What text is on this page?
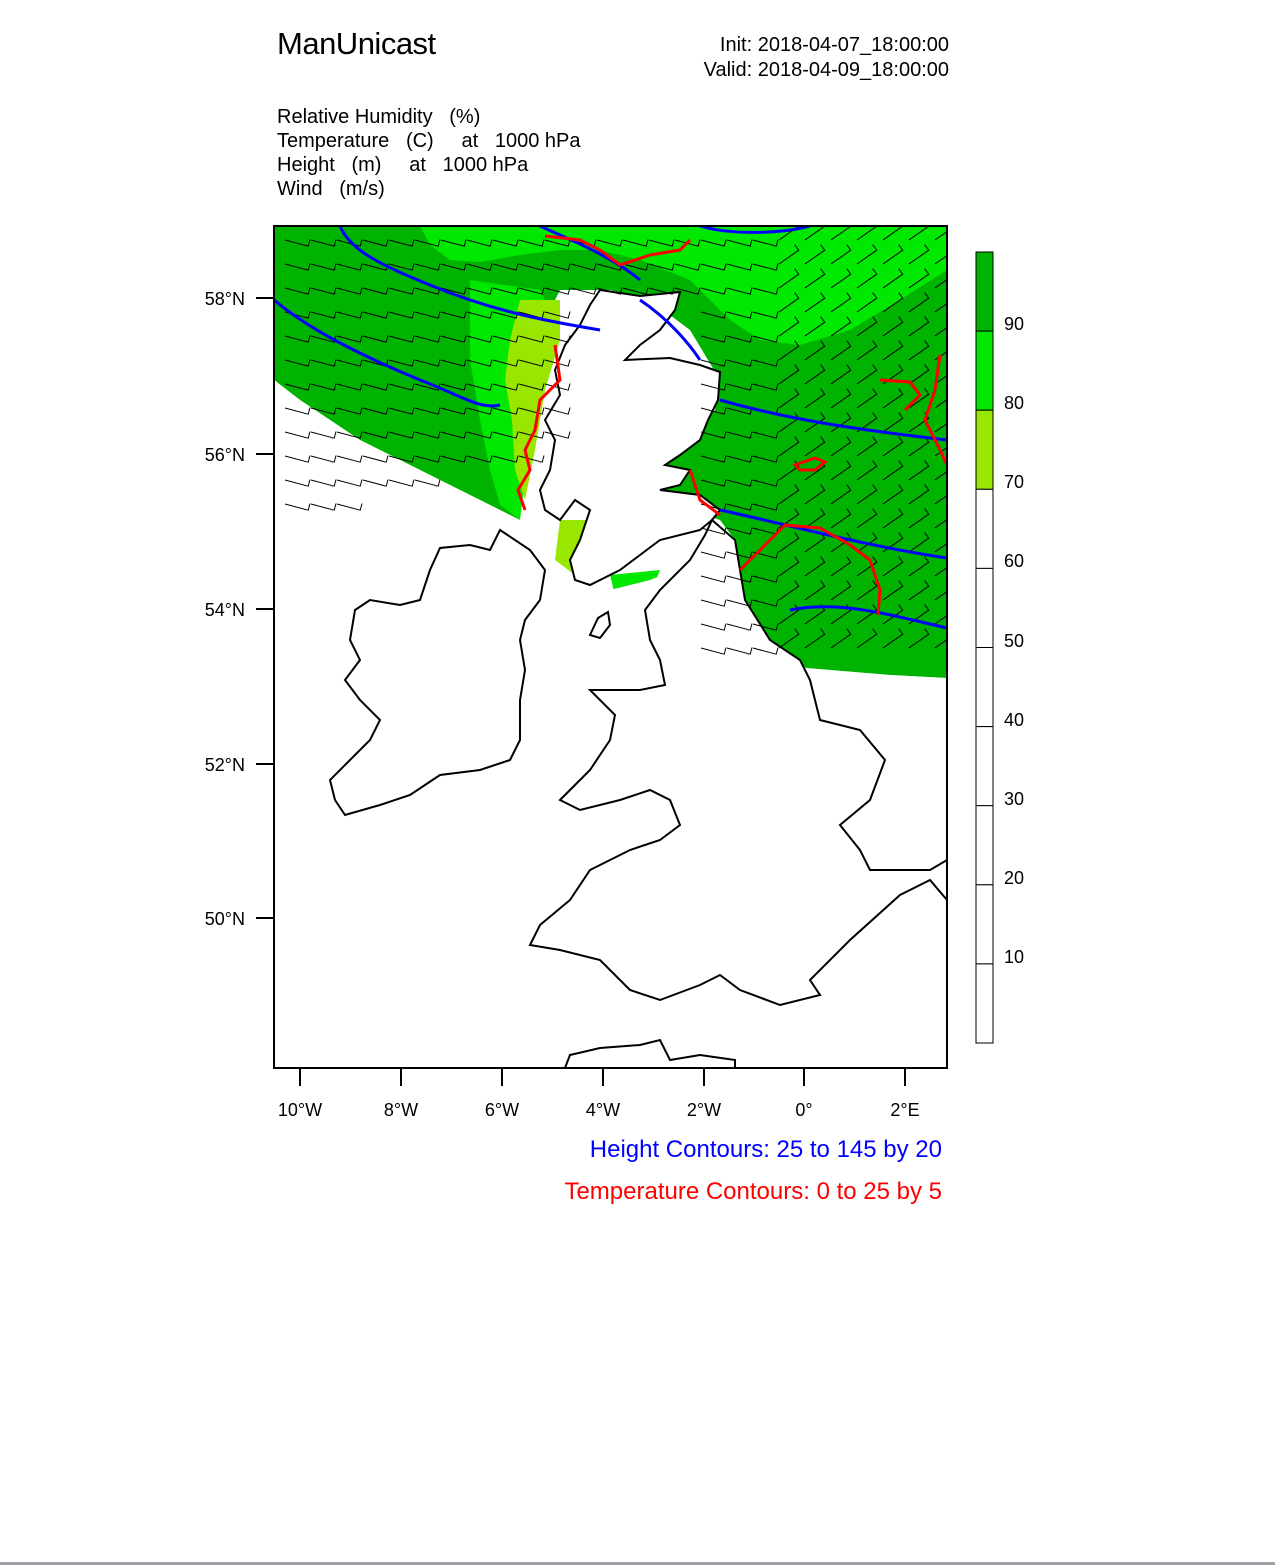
ManUnicast	Init: 2018-04-07_18:00:00
Valid: 2018-04-09_18:00:00
Relative Humidity   (%)
Temperature   (C)     at   1000 hPa
Height   (m)     at   1000 hPa
Wind   (m/s)
58°N
56°N
54°N
52°N
50°N
10°W	8°W	6°W	4°W	2°W	0°	2°E
90
80
70
60
50
40
30
20
10
Height Contours: 25 to 145 by 20
Temperature Contours: 0 to 25 by 5
